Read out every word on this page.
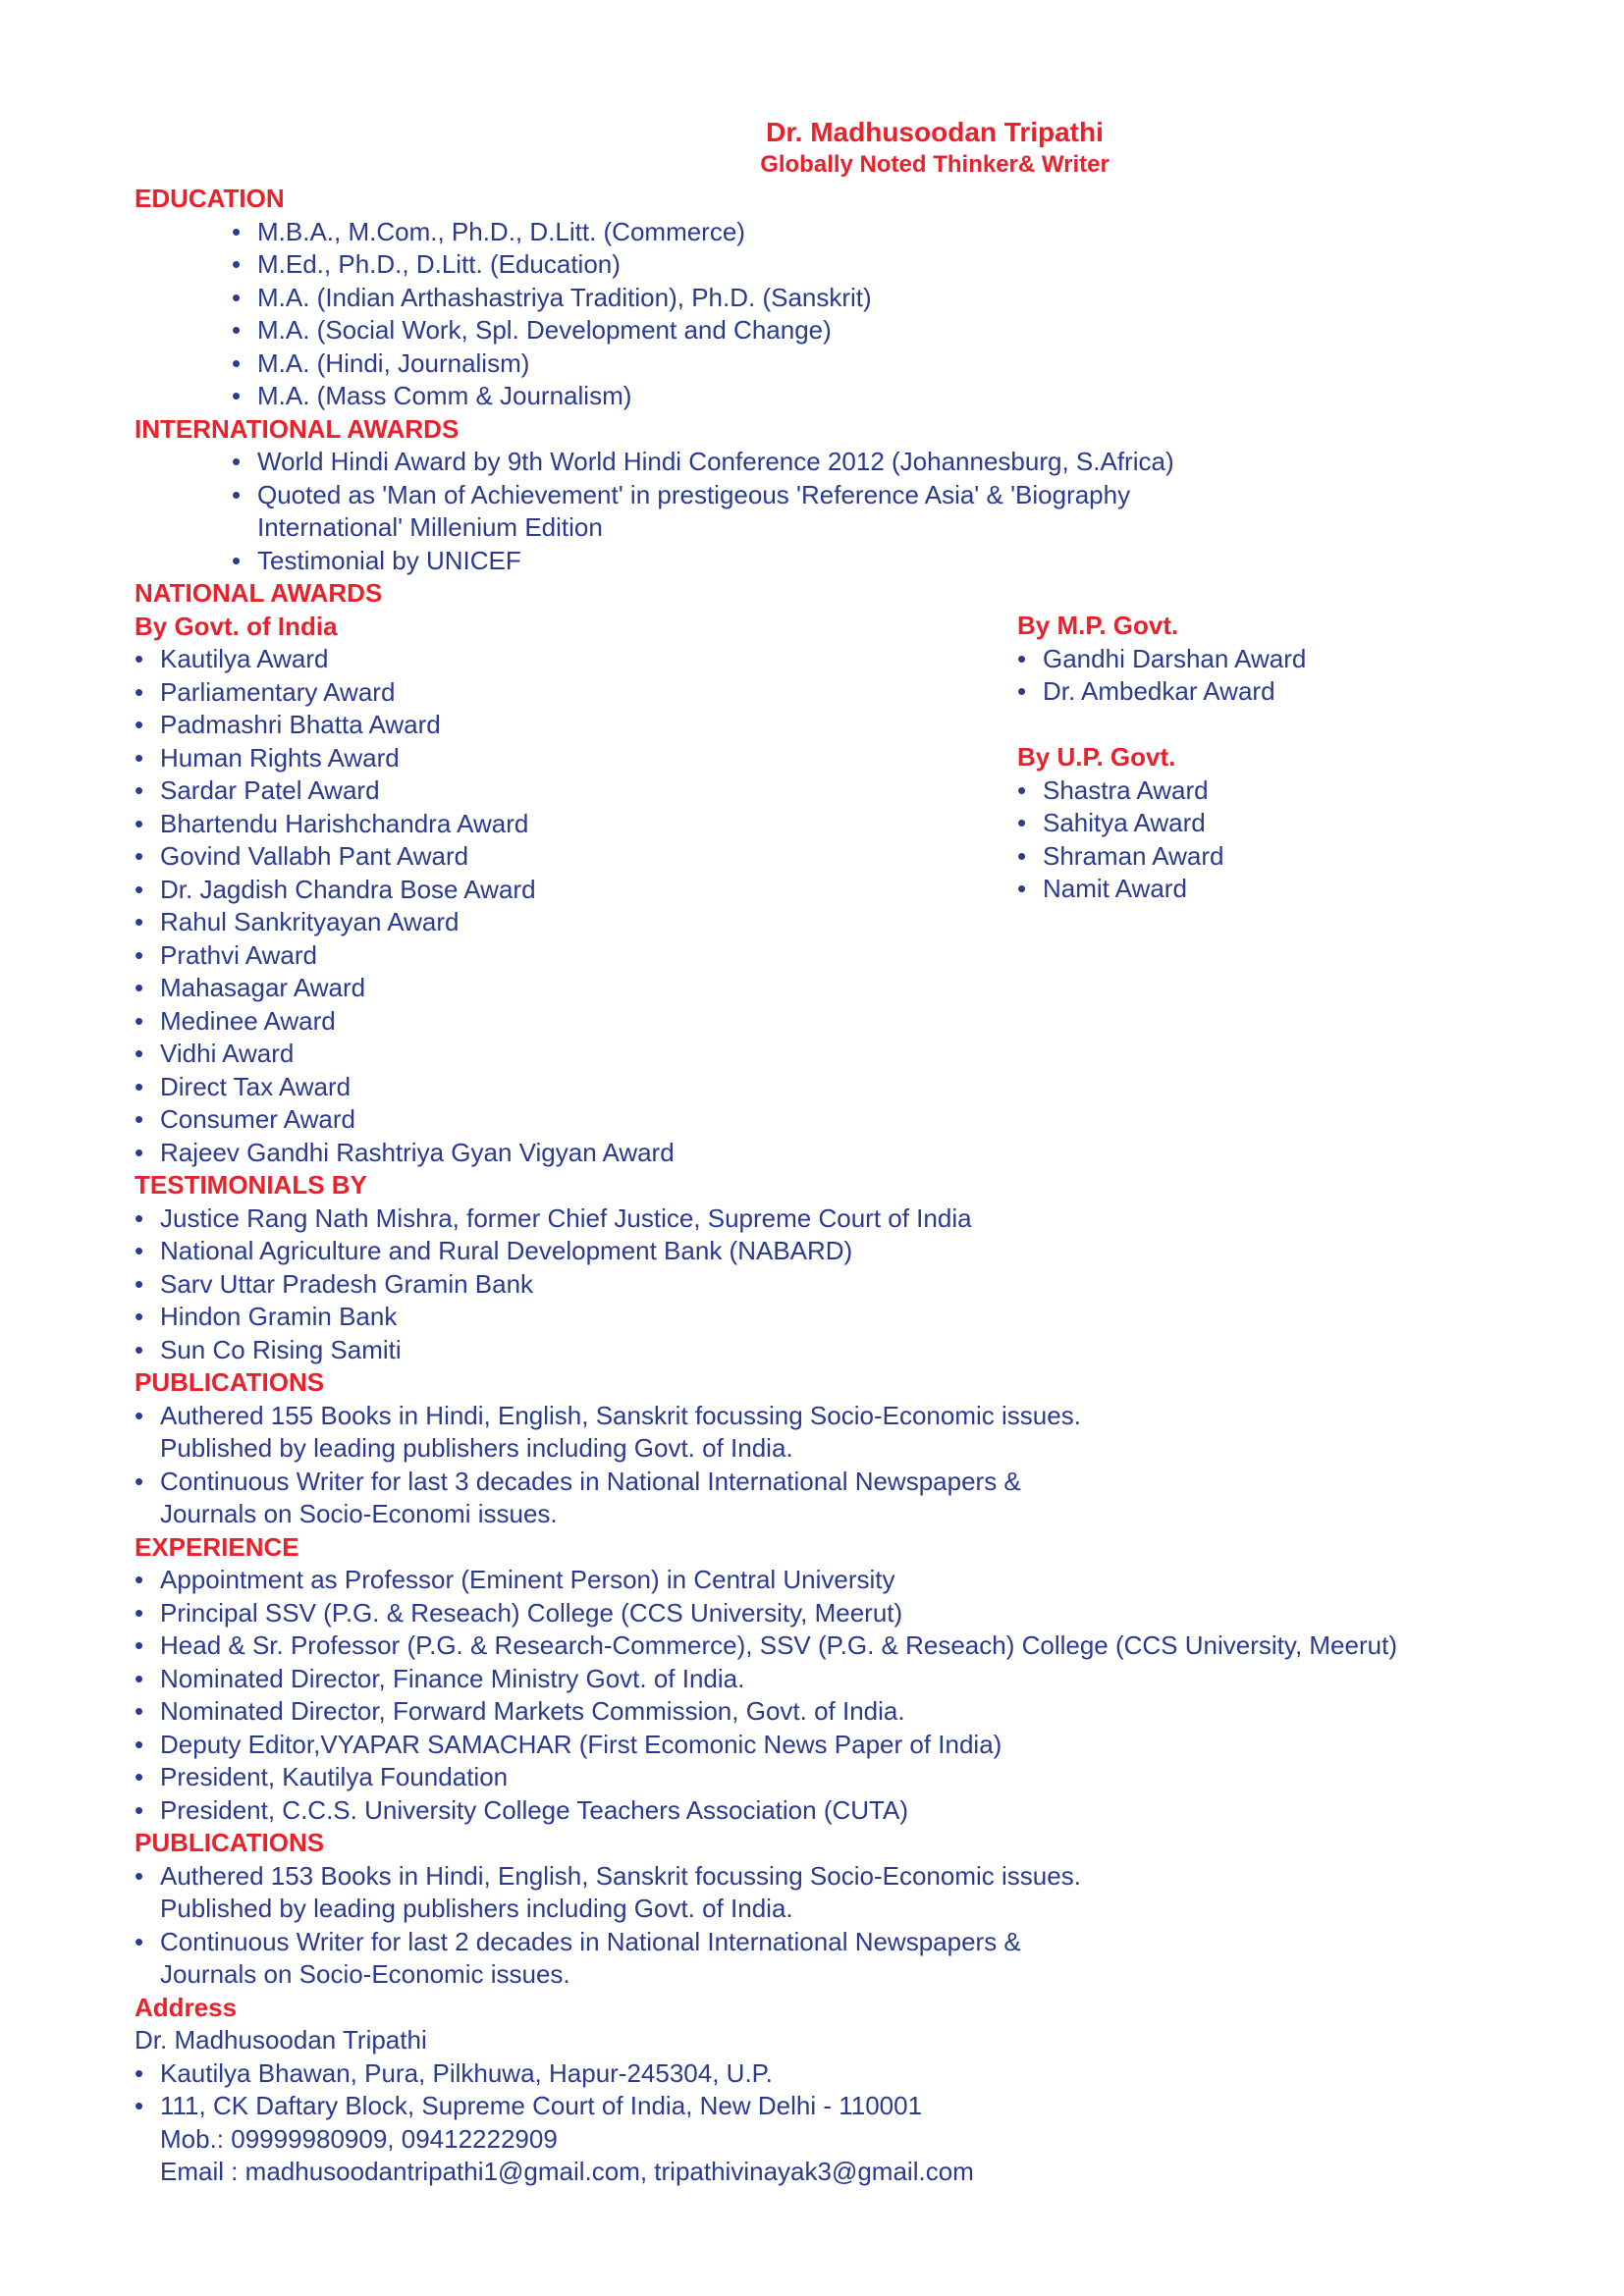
Dr. Madhusoodan Tripathi
Globally Noted Thinker& Writer
EDUCATION
• M.B.A., M.Com., Ph.D., D.Litt. (Commerce)
• M.Ed., Ph.D., D.Litt. (Education)
• M.A. (Indian Arthashastriya Tradition), Ph.D. (Sanskrit)
• M.A. (Social Work, Spl. Development and Change)
• M.A. (Hindi, Journalism)
• M.A. (Mass Comm & Journalism)
INTERNATIONAL AWARDS
• World Hindi Award by 9th World Hindi Conference 2012 (Johannesburg, S.Africa)
• Quoted as 'Man of Achievement' in prestigeous 'Reference Asia' & 'Biography
International' Millenium Edition
• Testimonial by UNICEF
NATIONAL AWARDS
By Govt. of India
• Kautilya Award
• Parliamentary Award
• Padmashri Bhatta Award
• Human Rights Award
• Sardar Patel Award
• Bhartendu Harishchandra Award
• Govind Vallabh Pant Award
• Dr. Jagdish Chandra Bose Award
• Rahul Sankrityayan Award
• Prathvi Award
• Mahasagar Award
• Medinee Award
• Vidhi Award
• Direct Tax Award
• Consumer Award
• Rajeev Gandhi Rashtriya Gyan Vigyan Award
TESTIMONIALS BY
• Justice Rang Nath Mishra, former Chief Justice, Supreme Court of India
• National Agriculture and Rural Development Bank (NABARD)
• Sarv Uttar Pradesh Gramin Bank
• Hindon Gramin Bank
• Sun Co Rising Samiti
PUBLICATIONS
• Authered 155 Books in Hindi, English, Sanskrit focussing Socio-Economic issues.
Published by leading publishers including Govt. of India.
• Continuous Writer for last 3 decades in National International Newspapers &
Journals on Socio-Economi issues.
EXPERIENCE
• Appointment as Professor (Eminent Person) in Central University
• Principal SSV (P.G. & Reseach) College (CCS University, Meerut)
• Head & Sr. Professor (P.G. & Research-Commerce), SSV (P.G. & Reseach) College (CCS University, Meerut)
• Nominated Director, Finance Ministry Govt. of India.
• Nominated Director, Forward Markets Commission, Govt. of India.
• Deputy Editor,VYAPAR SAMACHAR (First Ecomonic News Paper of India)
• President, Kautilya Foundation
• President, C.C.S. University College Teachers Association (CUTA)
PUBLICATIONS
• Authered 153 Books in Hindi, English, Sanskrit focussing Socio-Economic issues.
Published by leading publishers including Govt. of India.
• Continuous Writer for last 2 decades in National International Newspapers &
Journals on Socio-Economic issues.
Address
Dr. Madhusoodan Tripathi
• Kautilya Bhawan, Pura, Pilkhuwa, Hapur-245304, U.P.
• 111, CK Daftary Block, Supreme Court of India, New Delhi - 110001
Mob.: 09999980909, 09412222909
Email : madhusoodantripathi1@gmail.com, tripathivinayak3@gmail.com
By M.P. Govt.
• Gandhi Darshan Award
• Dr. Ambedkar Award
By U.P. Govt.
• Shastra Award
• Sahitya Award
• Shraman Award
• Namit Award
